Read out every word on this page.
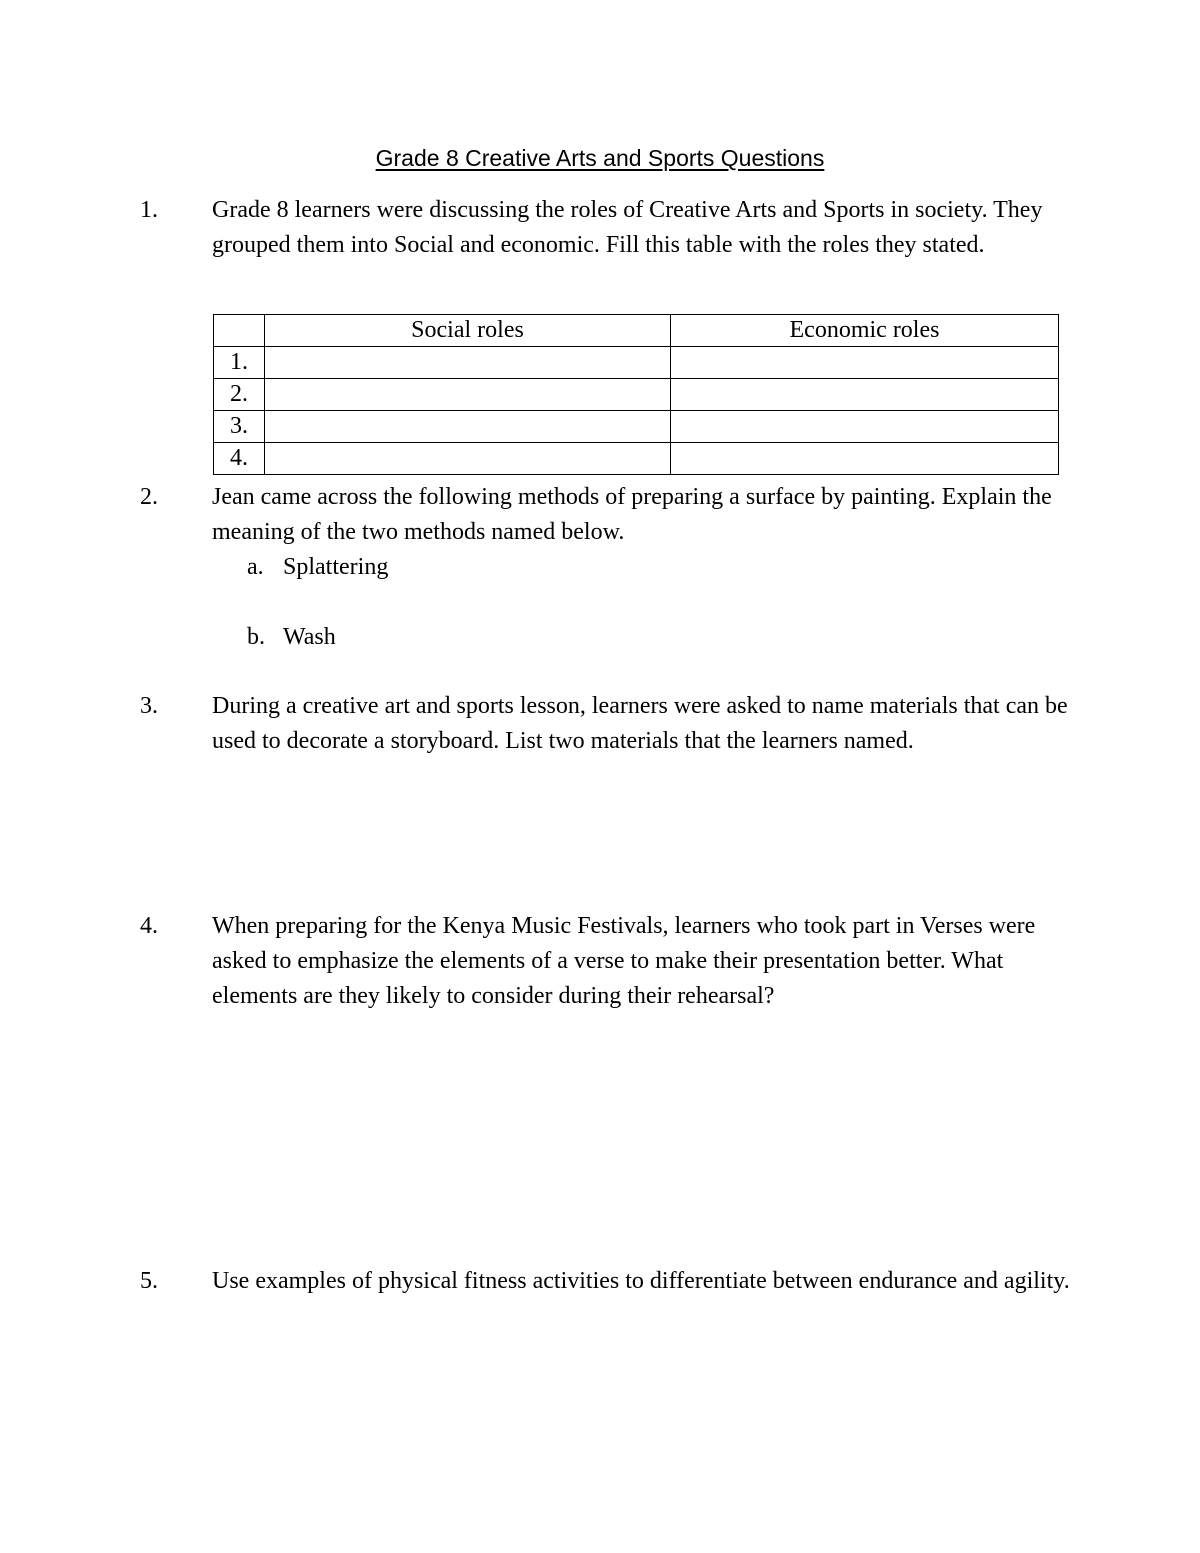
Grade 8 Creative Arts and Sports Questions
1. Grade 8 learners were discussing the roles of Creative Arts and Sports in society. They grouped them into Social and economic. Fill this table with the roles they stated.
	Social roles	Economic roles
1.		
2.		
3.		
4.		
2. Jean came across the following methods of preparing a surface by painting. Explain the meaning of the two methods named below.
a. Splattering
b. Wash
3. During a creative art and sports lesson, learners were asked to name materials that can be used to decorate a storyboard. List two materials that the learners named.
4. When preparing for the Kenya Music Festivals, learners who took part in Verses were asked to emphasize the elements of a verse to make their presentation better. What elements are they likely to consider during their rehearsal?
5. Use examples of physical fitness activities to differentiate between endurance and agility.
